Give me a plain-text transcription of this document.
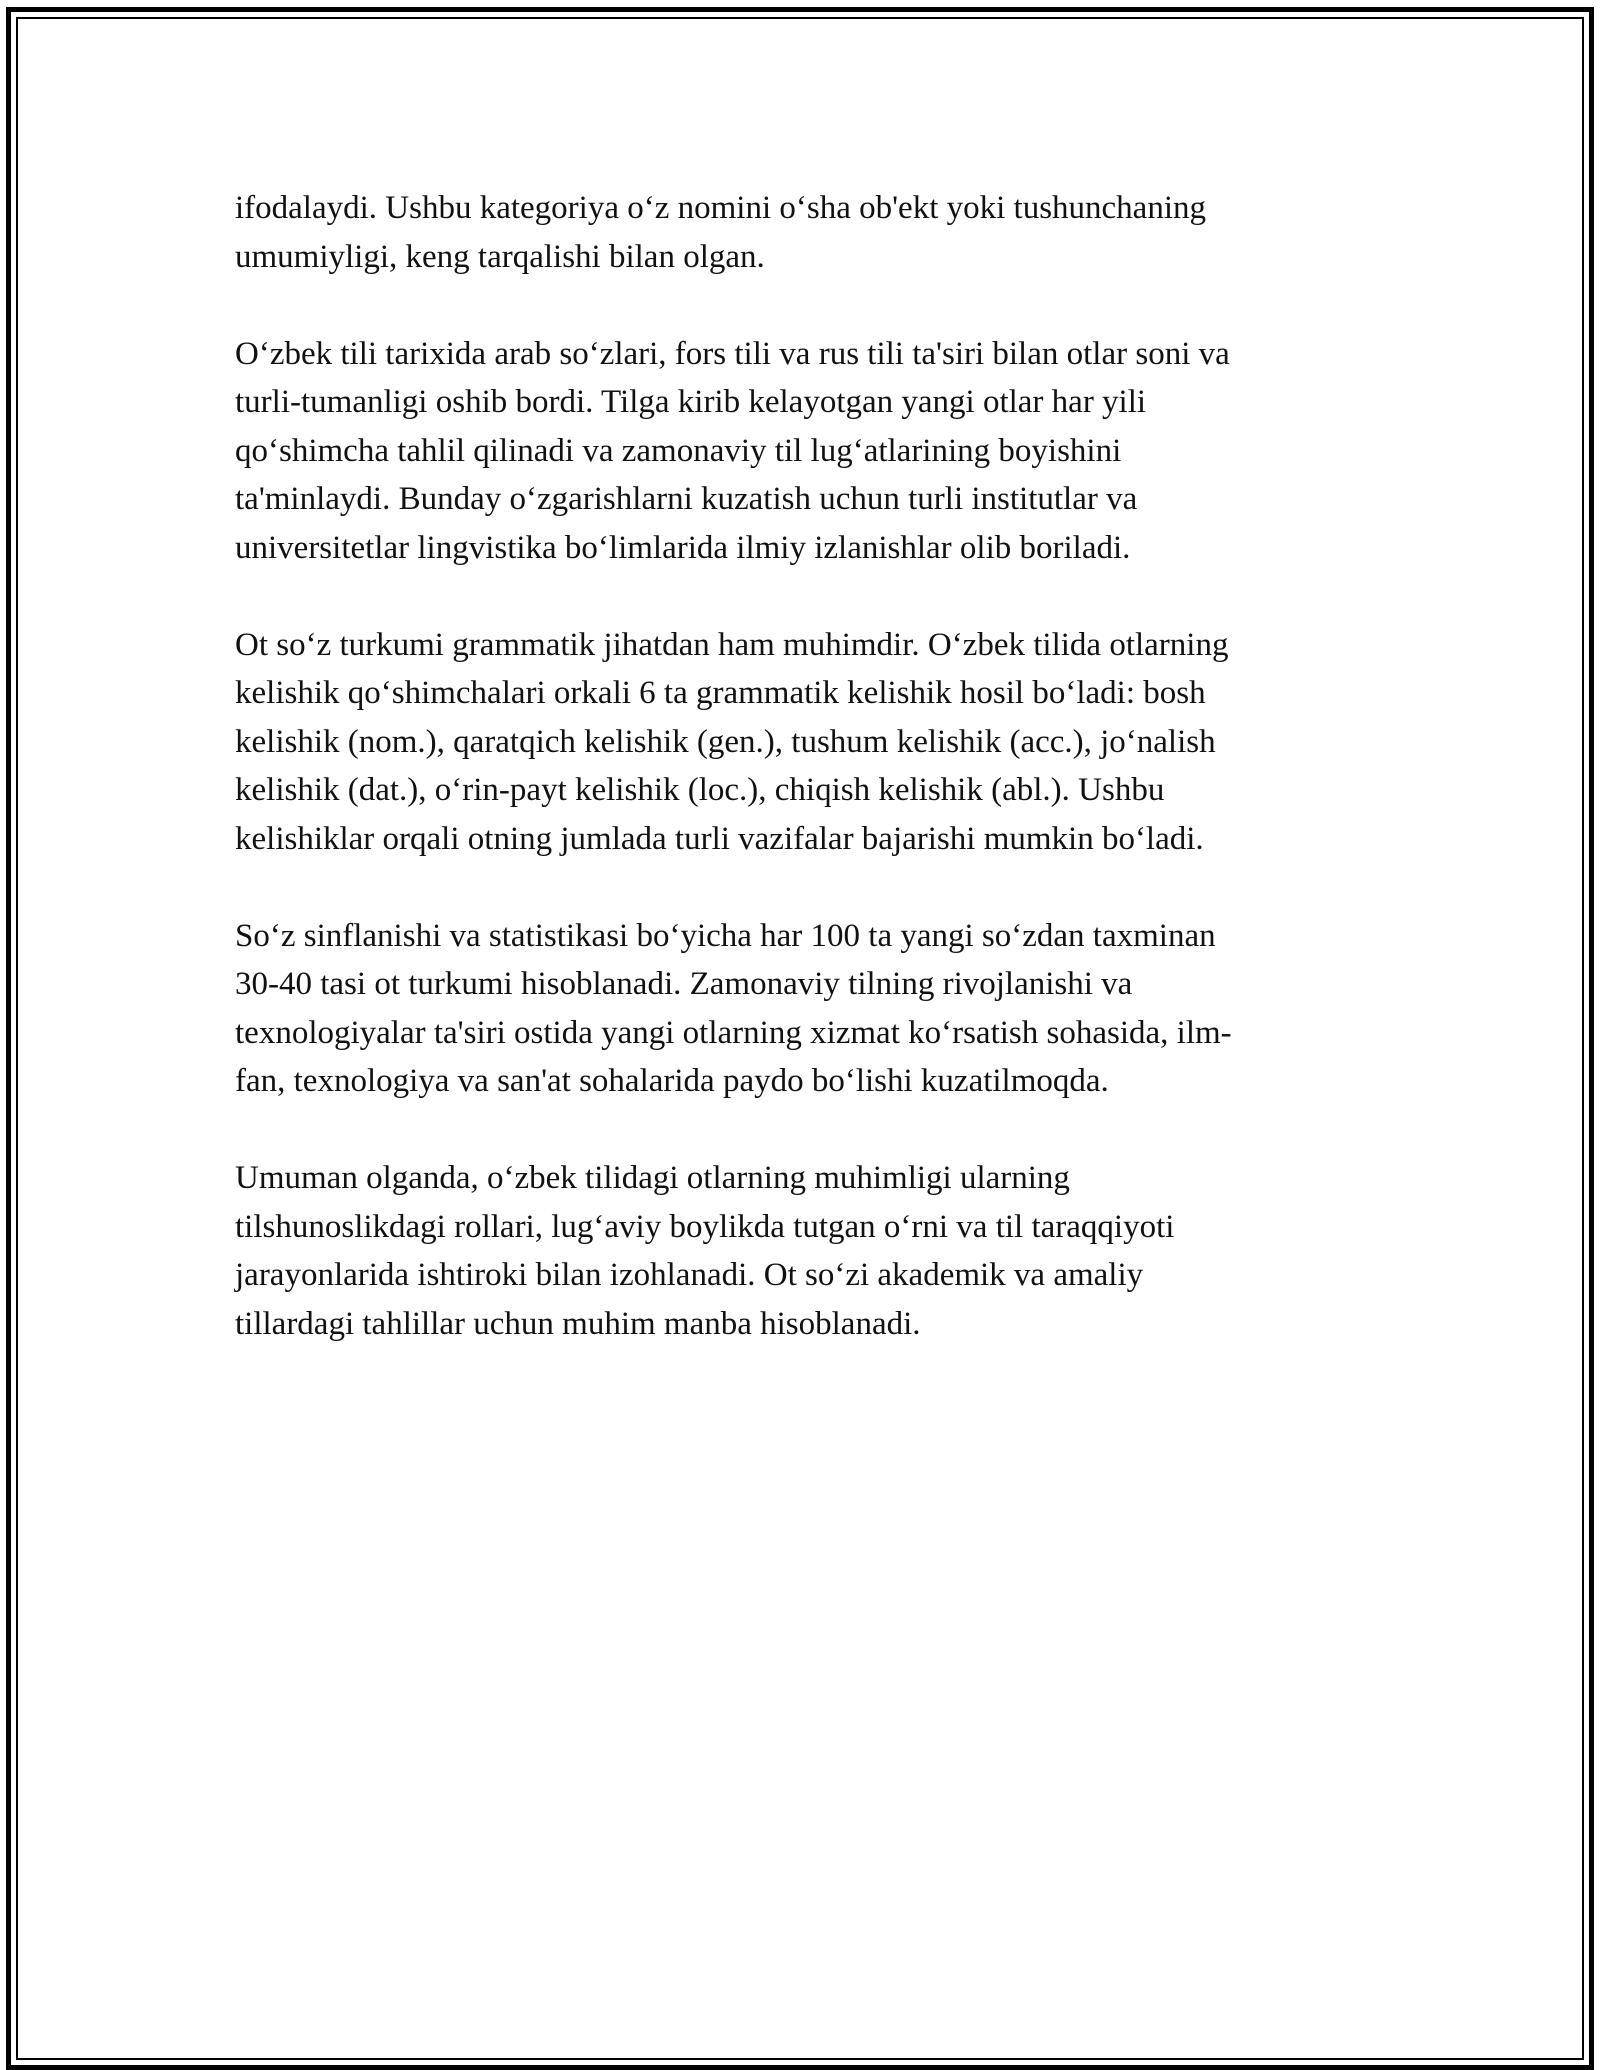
ifodalaydi. Ushbu kategoriya o‘z nomini o‘sha ob'ekt yoki tushunchaning
umumiyligi, keng tarqalishi bilan olgan.

O‘zbek tili tarixida arab so‘zlari, fors tili va rus tili ta'siri bilan otlar soni va
turli-tumanligi oshib bordi. Tilga kirib kelayotgan yangi otlar har yili
qo‘shimcha tahlil qilinadi va zamonaviy til lug‘atlarining boyishini
ta'minlaydi. Bunday o‘zgarishlarni kuzatish uchun turli institutlar va
universitetlar lingvistika bo‘limlarida ilmiy izlanishlar olib boriladi.

Ot so‘z turkumi grammatik jihatdan ham muhimdir. O‘zbek tilida otlarning
kelishik qo‘shimchalari orkali 6 ta grammatik kelishik hosil bo‘ladi: bosh
kelishik (nom.), qaratqich kelishik (gen.), tushum kelishik (acc.), jo‘nalish
kelishik (dat.), o‘rin-payt kelishik (loc.), chiqish kelishik (abl.). Ushbu
kelishiklar orqali otning jumlada turli vazifalar bajarishi mumkin bo‘ladi.

So‘z sinflanishi va statistikasi bo‘yicha har 100 ta yangi so‘zdan taxminan
30-40 tasi ot turkumi hisoblanadi. Zamonaviy tilning rivojlanishi va
texnologiyalar ta'siri ostida yangi otlarning xizmat ko‘rsatish sohasida, ilm-
fan, texnologiya va san'at sohalarida paydo bo‘lishi kuzatilmoqda.

Umuman olganda, o‘zbek tilidagi otlarning muhimligi ularning
tilshunoslikdagi rollari, lug‘aviy boylikda tutgan o‘rni va til taraqqiyoti
jarayonlarida ishtiroki bilan izohlanadi. Ot so‘zi akademik va amaliy
tillardagi tahlillar uchun muhim manba hisoblanadi.
